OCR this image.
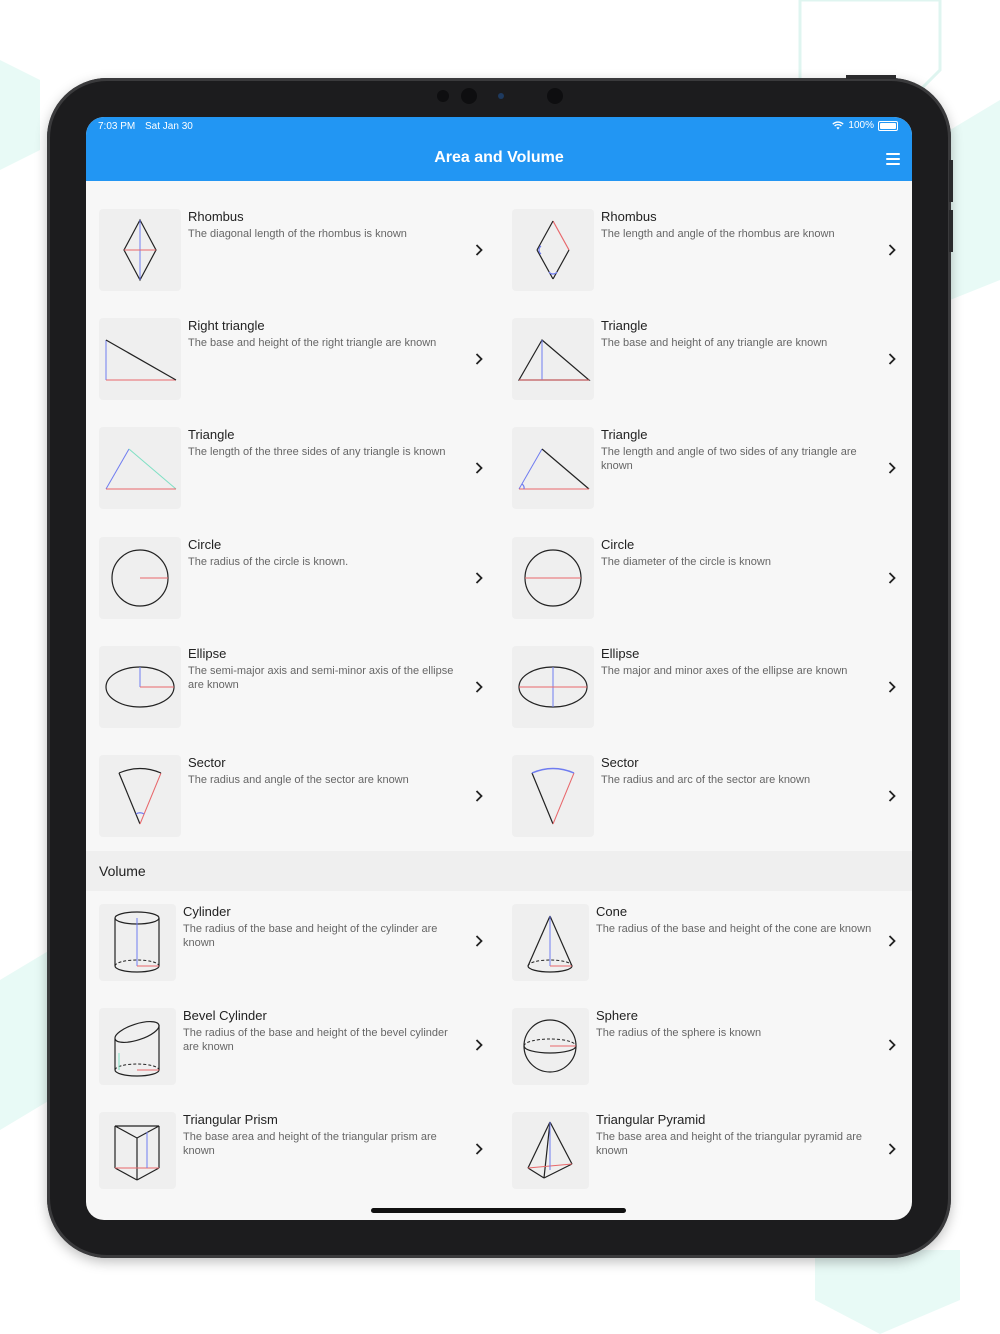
7:03 PM Sat Jan 30	100%
Area and Volume
Rhombus
The diagonal length of the rhombus is known
Rhombus
The length and angle of the rhombus are known
Right triangle
The base and height of the right triangle are known
Triangle
The base and height of any triangle are known
Triangle
The length of the three sides of any triangle is known
Triangle
The length and angle of two sides of any triangle are known
Circle
The radius of the circle is known.
Circle
The diameter of the circle is known
Ellipse
The semi-major axis and semi-minor axis of the ellipse are known
Ellipse
The major and minor axes of the ellipse are known
Sector
The radius and angle of the sector are known
Sector
The radius and arc of the sector are known
Volume
Cylinder
The radius of the base and height of the cylinder are known
Cone
The radius of the base and height of the cone are known
Bevel Cylinder
The radius of the base and height of the bevel cylinder are known
Sphere
The radius of the sphere is known
Triangular Prism
The base area and height of the triangular prism are known
Triangular Pyramid
The base area and height of the triangular pyramid are known
